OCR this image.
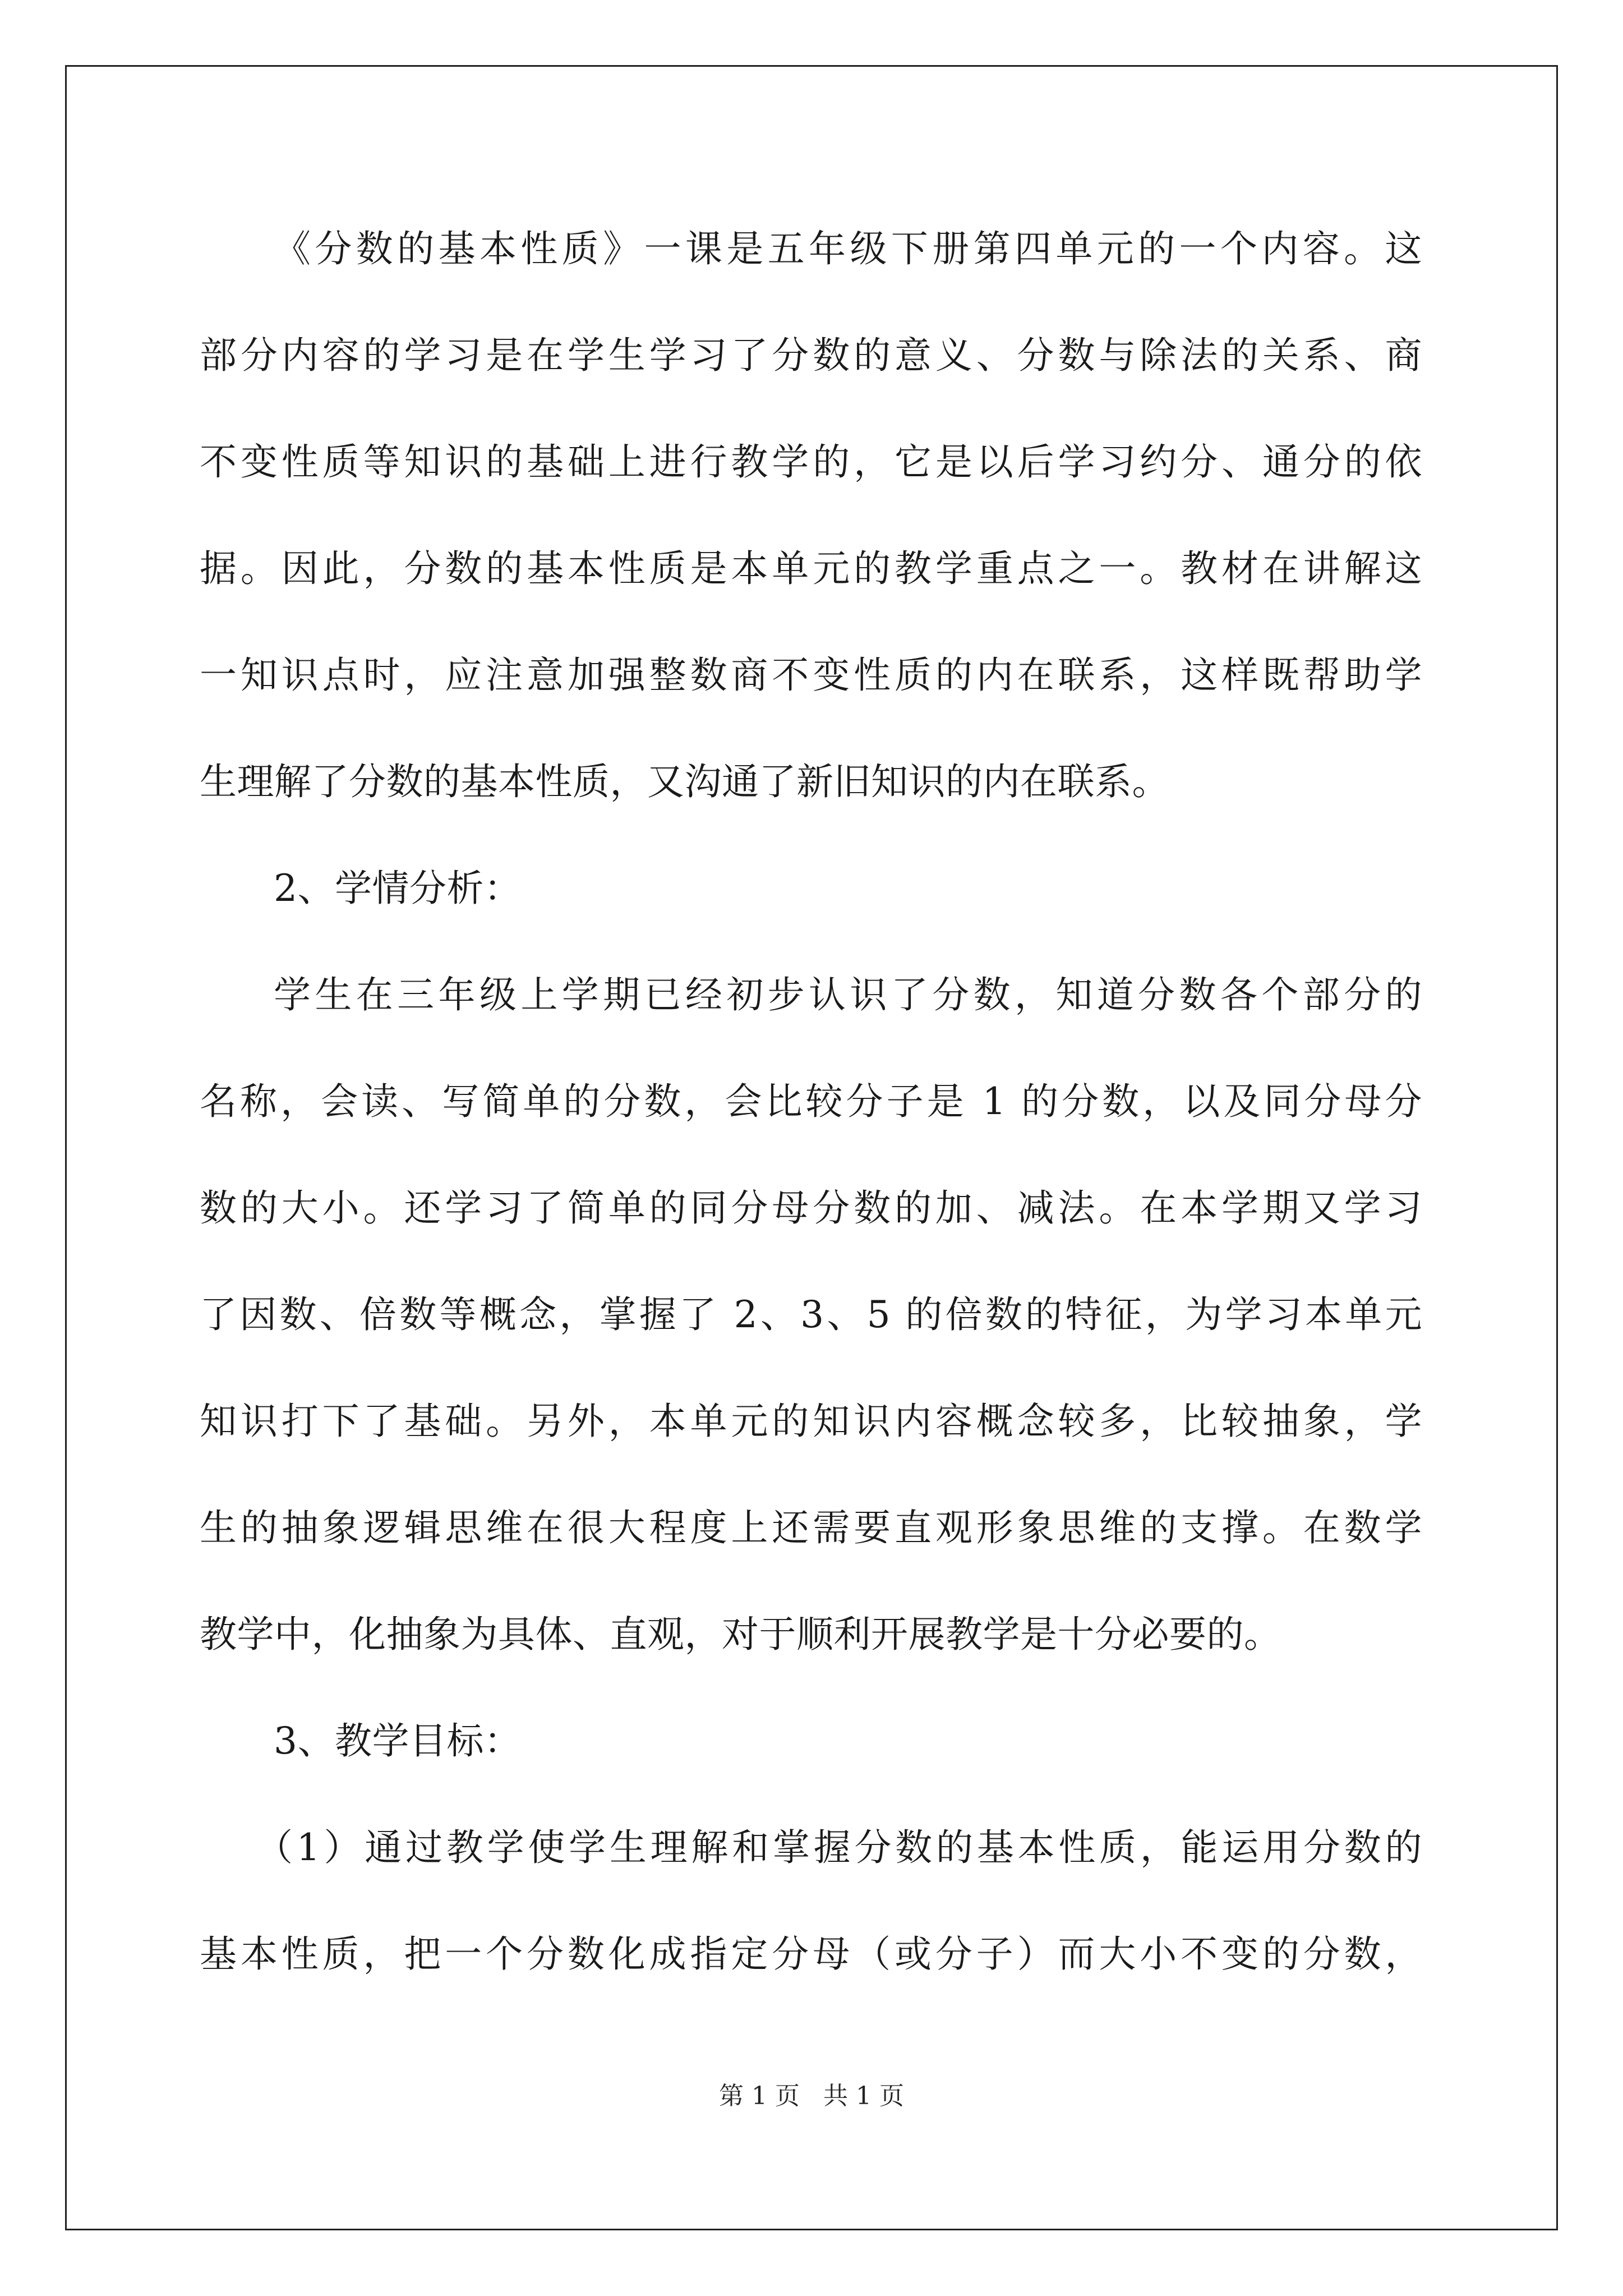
《分数的基本性质》一课是五年级下册第四单元的一个内容。这
部分内容的学习是在学生学习了分数的意义、分数与除法的关系、商
不变性质等知识的基础上进行教学的，它是以后学习约分、通分的依
据。因此，分数的基本性质是本单元的教学重点之一。教材在讲解这
一知识点时，应注意加强整数商不变性质的内在联系，这样既帮助学
生理解了分数的基本性质，又沟通了新旧知识的内在联系。
2、学情分析：
学生在三年级上学期已经初步认识了分数，知道分数各个部分的
名称，会读、写简单的分数，会比较分子是 1 的分数，以及同分母分
数的大小。还学习了简单的同分母分数的加、减法。在本学期又学习
了因数、倍数等概念，掌握了 2、3、5 的倍数的特征，为学习本单元
知识打下了基础。另外，本单元的知识内容概念较多，比较抽象，学
生的抽象逻辑思维在很大程度上还需要直观形象思维的支撑。在数学
教学中，化抽象为具体、直观，对于顺利开展教学是十分必要的。
3、教学目标：
（1）通过教学使学生理解和掌握分数的基本性质，能运用分数的
基本性质，把一个分数化成指定分母（或分子）而大小不变的分数，
第 1 页 共 1 页
